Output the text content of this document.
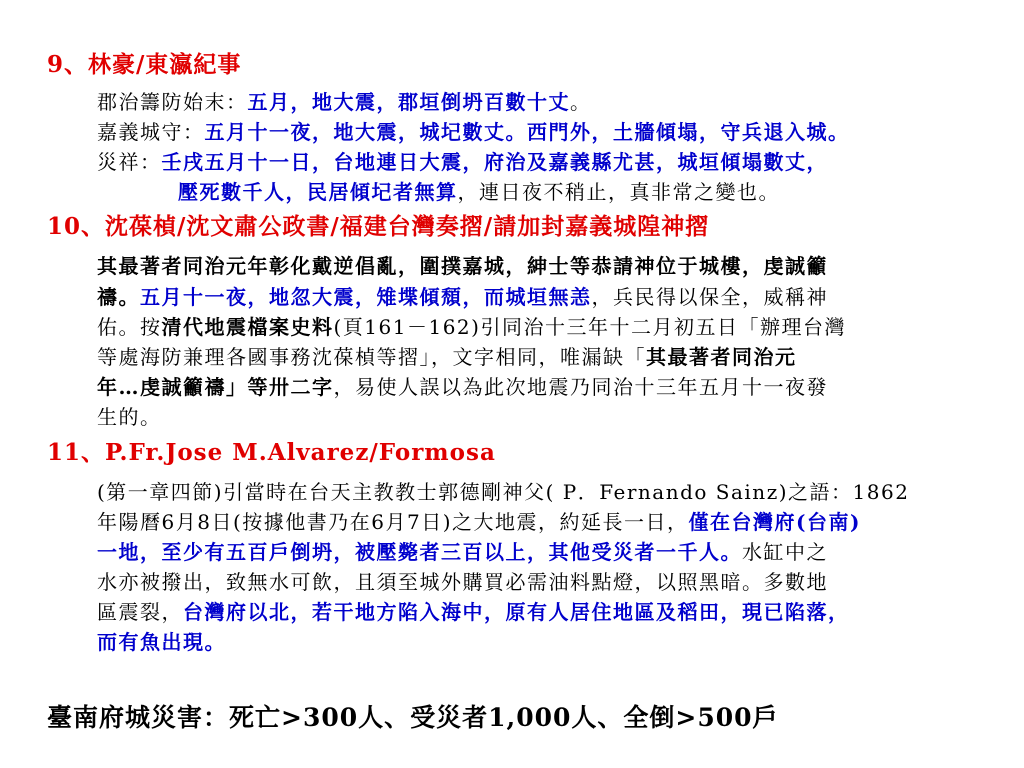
9、林豪/東瀛紀事
郡治籌防始末：五月，地大震，郡垣倒坍百數十丈。
嘉義城守：五月十一夜，地大震，城圮數丈。西門外，土牆傾塌，守兵退入城。
災祥：壬戌五月十一日，台地連日大震，府治及嘉義縣尤甚，城垣傾塌數丈，
壓死數千人，民居傾圮者無算，連日夜不稍止，真非常之變也。
10、沈葆楨/沈文肅公政書/福建台灣奏摺/請加封嘉義城隍神摺
其最著者同治元年彰化戴逆倡亂，圍撲嘉城，紳士等恭請神位于城樓，虔誠籲
禱。五月十一夜，地忽大震，雉堞傾頹，而城垣無恙，兵民得以保全，威稱神
佑。按清代地震檔案史料(頁161－162)引同治十三年十二月初五日「辦理台灣
等處海防兼理各國事務沈葆楨等摺」，文字相同，唯漏缺「其最著者同治元
年…虔誠籲禱」等卅二字，易使人誤以為此次地震乃同治十三年五月十一夜發
生的。
11、P.Fr.Jose M.Alvarez/Formosa
(第一章四節)引當時在台天主教教士郭德剛神父( P．Fernando Sainz)之語：1862
年陽曆6月8日(按據他書乃在6月7日)之大地震，約延長一日，僅在台灣府(台南)
一地，至少有五百戶倒坍，被壓斃者三百以上，其他受災者一千人。水缸中之
水亦被撥出，致無水可飲，且須至城外購買必需油料點燈，以照黑暗。多數地
區震裂，台灣府以北，若干地方陷入海中，原有人居住地區及稻田，現已陷落，
而有魚出現。
臺南府城災害：死亡>300人、受災者1,000人、全倒>500戶
